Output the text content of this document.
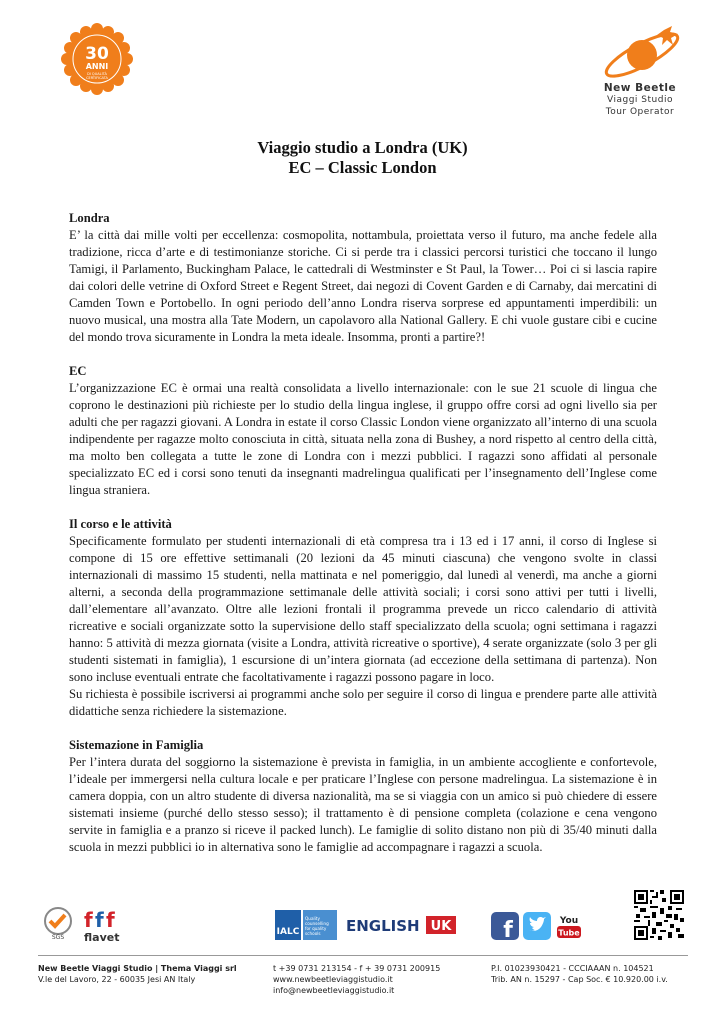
30
ANNI
DI QUALITÀ
CERTIFICATA
New Beetle
Viaggi Studio
Tour Operator
Viaggio studio a Londra (UK)
EC – Classic London
Londra

E’ la città dai mille volti per eccellenza: cosmopolita, nottambula, proiettata verso il futuro, ma anche fedele alla tradizione, ricca d’arte e di testimonianze storiche. Ci si perde tra i classici percorsi turistici che toccano il lungo Tamigi, il Parlamento, Buckingham Palace, le cattedrali di Westminster e St Paul, la Tower… Poi ci si lascia rapire dai colori delle vetrine di Oxford Street e Regent Street, dai negozi di Covent Garden e di Carnaby, dai mercatini di Camden Town e Portobello. In ogni periodo dell’anno Londra riserva sorprese ed appuntamenti imperdibili: un nuovo musical, una mostra alla Tate Modern, un capolavoro alla National Gallery. E chi vuole gustare cibi e cucine del mondo trova sicuramente in Londra la meta ideale. Insomma, pronti a partire?!

EC

L’organizzazione EC è ormai una realtà consolidata a livello internazionale: con le sue 21 scuole di lingua che coprono le destinazioni più richieste per lo studio della lingua inglese, il gruppo offre corsi ad ogni livello sia per adulti che per ragazzi giovani. A Londra in estate il corso Classic London viene organizzato all’interno di una scuola indipendente per ragazze molto conosciuta in città, situata nella zona di Bushey, a nord rispetto al centro della città, ma molto ben collegata a tutte le zone di Londra con i mezzi pubblici. I ragazzi sono affidati al personale specializzato EC ed i corsi sono tenuti da insegnanti madrelingua qualificati per l’insegnamento dell’Inglese come lingua straniera.

Il corso e le attività

Specificamente formulato per studenti internazionali di età compresa tra i 13 ed i 17 anni, il corso di Inglese si compone di 15 ore effettive settimanali (20 lezioni da 45 minuti ciascuna) che vengono svolte in classi internazionali di massimo 15 studenti, nella mattinata e nel pomeriggio, dal lunedì al venerdì, ma anche a giorni alterni, a seconda della programmazione settimanale delle attività sociali; i corsi sono attivi per tutti i livelli, dall’elementare all’avanzato. Oltre alle lezioni frontali il programma prevede un ricco calendario di attività ricreative e sociali organizzate sotto la supervisione dello staff specializzato della scuola; ogni settimana i ragazzi hanno: 5 attività di mezza giornata (visite a Londra, attività ricreative o sportive), 4 serate organizzate (solo 3 per gli studenti sistemati in famiglia), 1 escursione di un’intera giornata (ad eccezione della settimana di partenza). Non sono incluse eventuali entrate che facoltativamente i ragazzi possono pagare in loco.

Su richiesta è possibile iscriversi ai programmi anche solo per seguire il corso di lingua e prendere parte alle attività didattiche senza richiedere la sistemazione.

Sistemazione in Famiglia

Per l’intera durata del soggiorno la sistemazione è prevista in famiglia, in un ambiente accogliente e confortevole, l’ideale per immergersi nella cultura locale e per praticare l’Inglese con persone madrelingua. La sistemazione è in camera doppia, con un altro studente di diversa nazionalità, ma se si viaggia con un amico si può chiedere di essere sistemati insieme (purché dello stesso sesso); il trattamento è di pensione completa (colazione e cena vengono servite in famiglia e a pranzo si riceve il packed lunch). Le famiglie di solito distano non più di 35/40 minuti dalla scuola in mezzi pubblici io in alternativa sono le famiglie ad accompagnare i ragazzi a scuola.

SGS
f f f
flavet	IALC
Quality
counselling
for quality
schools ENGLISH UK f	You
Tube
New Beetle Viaggi Studio | Thema Viaggi srl
V.le del Lavoro, 22 - 60035 Jesi AN Italy
t +39 0731 213154 - f + 39 0731 200915
www.newbeetleviaggistudio.it
info@newbeetleviaggistudio.it
P.I. 01023930421 - CCCIAAAN n. 104521
Trib. AN n. 15297 - Cap Soc. € 10.920.00 i.v.
